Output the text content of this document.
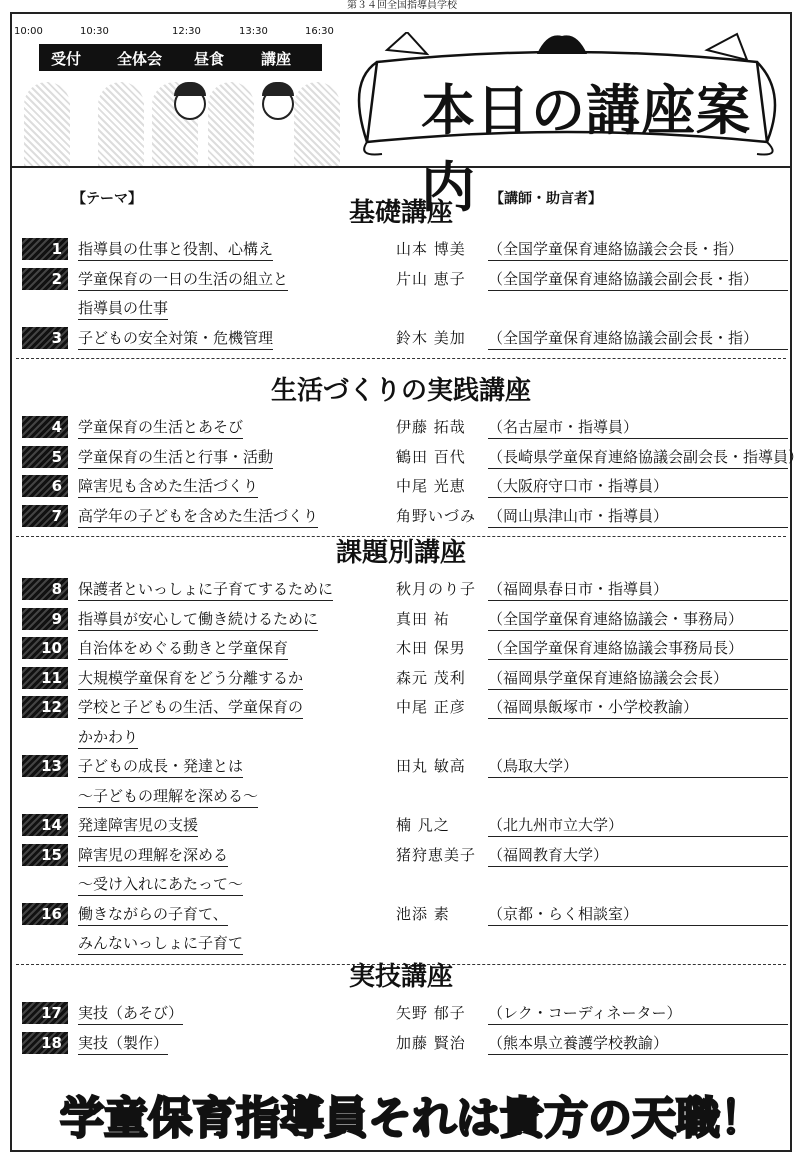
第３４回全国指導員学校
10:00	10:30	12:30	13:30	16:30
受付 全体会 昼食 講座
本日の講座案内
【テーマ】	【講師・助言者】
基礎講座
1	指導員の仕事と役割、心構え	山本 博美 （全国学童保育連絡協議会会長・指）
2	学童保育の一日の生活の組立と	片山 恵子 （全国学童保育連絡協議会副会長・指）
指導員の仕事
3	子どもの安全対策・危機管理	鈴木 美加 （全国学童保育連絡協議会副会長・指）
生活づくりの実践講座
4	学童保育の生活とあそび	伊藤 拓哉 （名古屋市・指導員）
5	学童保育の生活と行事・活動	鶴田 百代 （長崎県学童保育連絡協議会副会長・指導員）
6	障害児も含めた生活づくり	中尾 光恵 （大阪府守口市・指導員）
7	高学年の子どもを含めた生活づくり	角野いづみ （岡山県津山市・指導員）
課題別講座
8	保護者といっしょに子育てするために	秋月のり子 （福岡県春日市・指導員）
9	指導員が安心して働き続けるために	真田 祐	（全国学童保育連絡協議会・事務局）
10	自治体をめぐる動きと学童保育	木田 保男 （全国学童保育連絡協議会事務局長）
11	大規模学童保育をどう分離するか	森元 茂利 （福岡県学童保育連絡協議会会長）
12	学校と子どもの生活、学童保育の	中尾 正彦 （福岡県飯塚市・小学校教諭）
かかわり
13	子どもの成長・発達とは	田丸 敏高 （鳥取大学）
～子どもの理解を深める～
14	発達障害児の支援	楠 凡之	（北九州市立大学）
15	障害児の理解を深める	猪狩恵美子 （福岡教育大学）
～受け入れにあたって～
16	働きながらの子育て、	池添 素	（京都・らく相談室）
みんないっしょに子育て
実技講座
17	実技（あそび）	矢野 郁子 （レク・コーディネーター）
18	実技（製作）	加藤 賢治 （熊本県立養護学校教諭）
学童保育指導員それは貴方の天職！
